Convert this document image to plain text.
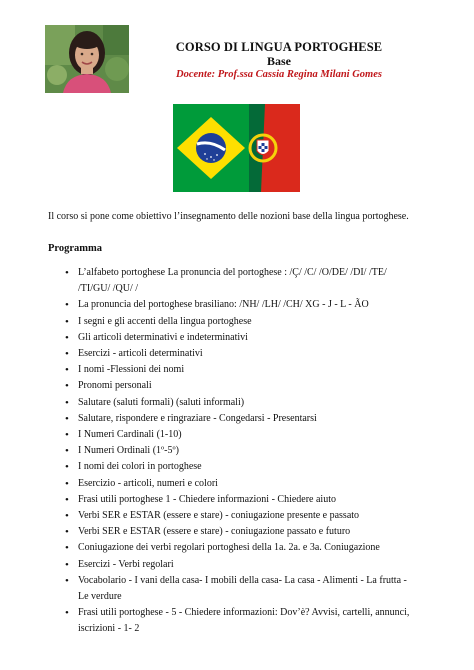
CORSO DI LINGUA PORTOGHESE
Base
Docente: Prof.ssa Cassia Regina Milani Gomes
Il corso si pone come obiettivo l’insegnamento delle nozioni base della lingua portoghese.
Programma
• L’alfabeto portoghese La pronuncia del portoghese : /Ç/ /C/ /O/DE/ /DI/ /TE/ /TI/GU/ /QU/ /
• La pronuncia del portoghese brasiliano: /NH/ /LH/ /CH/ XG - J - L - ÃO
• I segni e gli accenti della lingua portoghese
• Gli articoli determinativi e indeterminativi
• Esercizi - articoli determinativi
• I nomi -Flessioni dei nomi
• Pronomi personali
• Salutare (saluti formali) (saluti informali)
• Salutare, rispondere e ringraziare - Congedarsi - Presentarsi
• I Numeri Cardinali (1-10)
• I Numeri Ordinali (1º-5º)
• I nomi dei colori in portoghese
• Esercizio - articoli, numeri e colori
• Frasi utili portoghese 1 - Chiedere informazioni - Chiedere aiuto
• Verbi SER e ESTAR (essere e stare) - coniugazione presente e passato
• Verbi SER e ESTAR (essere e stare) - coniugazione passato e futuro
• Coniugazione dei verbi regolari portoghesi della 1a. 2a. e 3a. Coniugazione
• Esercizi - Verbi regolari
• Vocabolario - I vani della casa- I mobili della casa- La casa - Alimenti - La frutta - Le verdure
• Frasi utili portoghese - 5 - Chiedere informazioni: Dov’è? Avvisi, cartelli, annunci, iscrizioni - 1- 2
